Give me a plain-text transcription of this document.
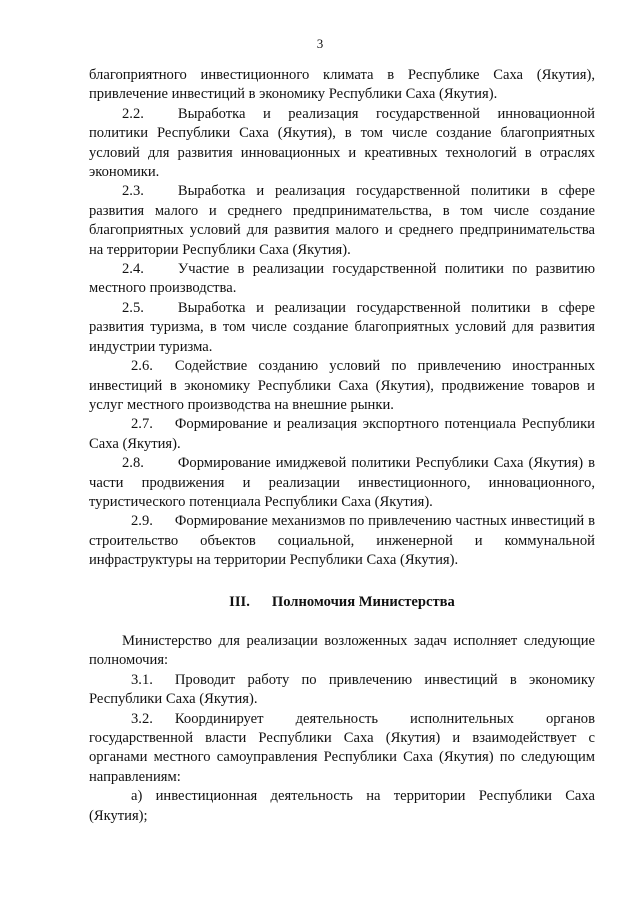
3

благоприятного инвестиционного климата в Республике Саха (Якутия), привлечение инвестиций в экономику Республики Саха (Якутия).

2.2. Выработка и реализация государственной инновационной политики Республики Саха (Якутия), в том числе создание благоприятных условий для развития инновационных и креативных технологий в отраслях экономики.

2.3. Выработка и реализация государственной политики в сфере развития малого и среднего предпринимательства, в том числе создание благоприятных условий для развития малого и среднего предпринимательства на территории Республики Саха (Якутия).

2.4. Участие в реализации государственной политики по развитию местного производства.

2.5. Выработка и реализации государственной политики в сфере развития туризма, в том числе создание благоприятных условий для развития индустрии туризма.

2.6. Содействие созданию условий по привлечению иностранных инвестиций в экономику Республики Саха (Якутия), продвижение товаров и услуг местного производства на внешние рынки.

2.7. Формирование и реализация экспортного потенциала Республики Саха (Якутия).

2.8. Формирование имиджевой политики Республики Саха (Якутия) в части продвижения и реализации инвестиционного, инновационного, туристического потенциала Республики Саха (Якутия).

2.9. Формирование механизмов по привлечению частных инвестиций в строительство объектов социальной, инженерной и коммунальной инфраструктуры на территории Республики Саха (Якутия).

III. Полномочия Министерства

Министерство для реализации возложенных задач исполняет следующие полномочия:

3.1. Проводит работу по привлечению инвестиций в экономику Республики Саха (Якутия).

3.2. Координирует деятельность исполнительных органов государственной власти Республики Саха (Якутия) и взаимодействует с органами местного самоуправления Республики Саха (Якутия) по следующим направлениям:

а) инвестиционная деятельность на территории Республики Саха (Якутия);
